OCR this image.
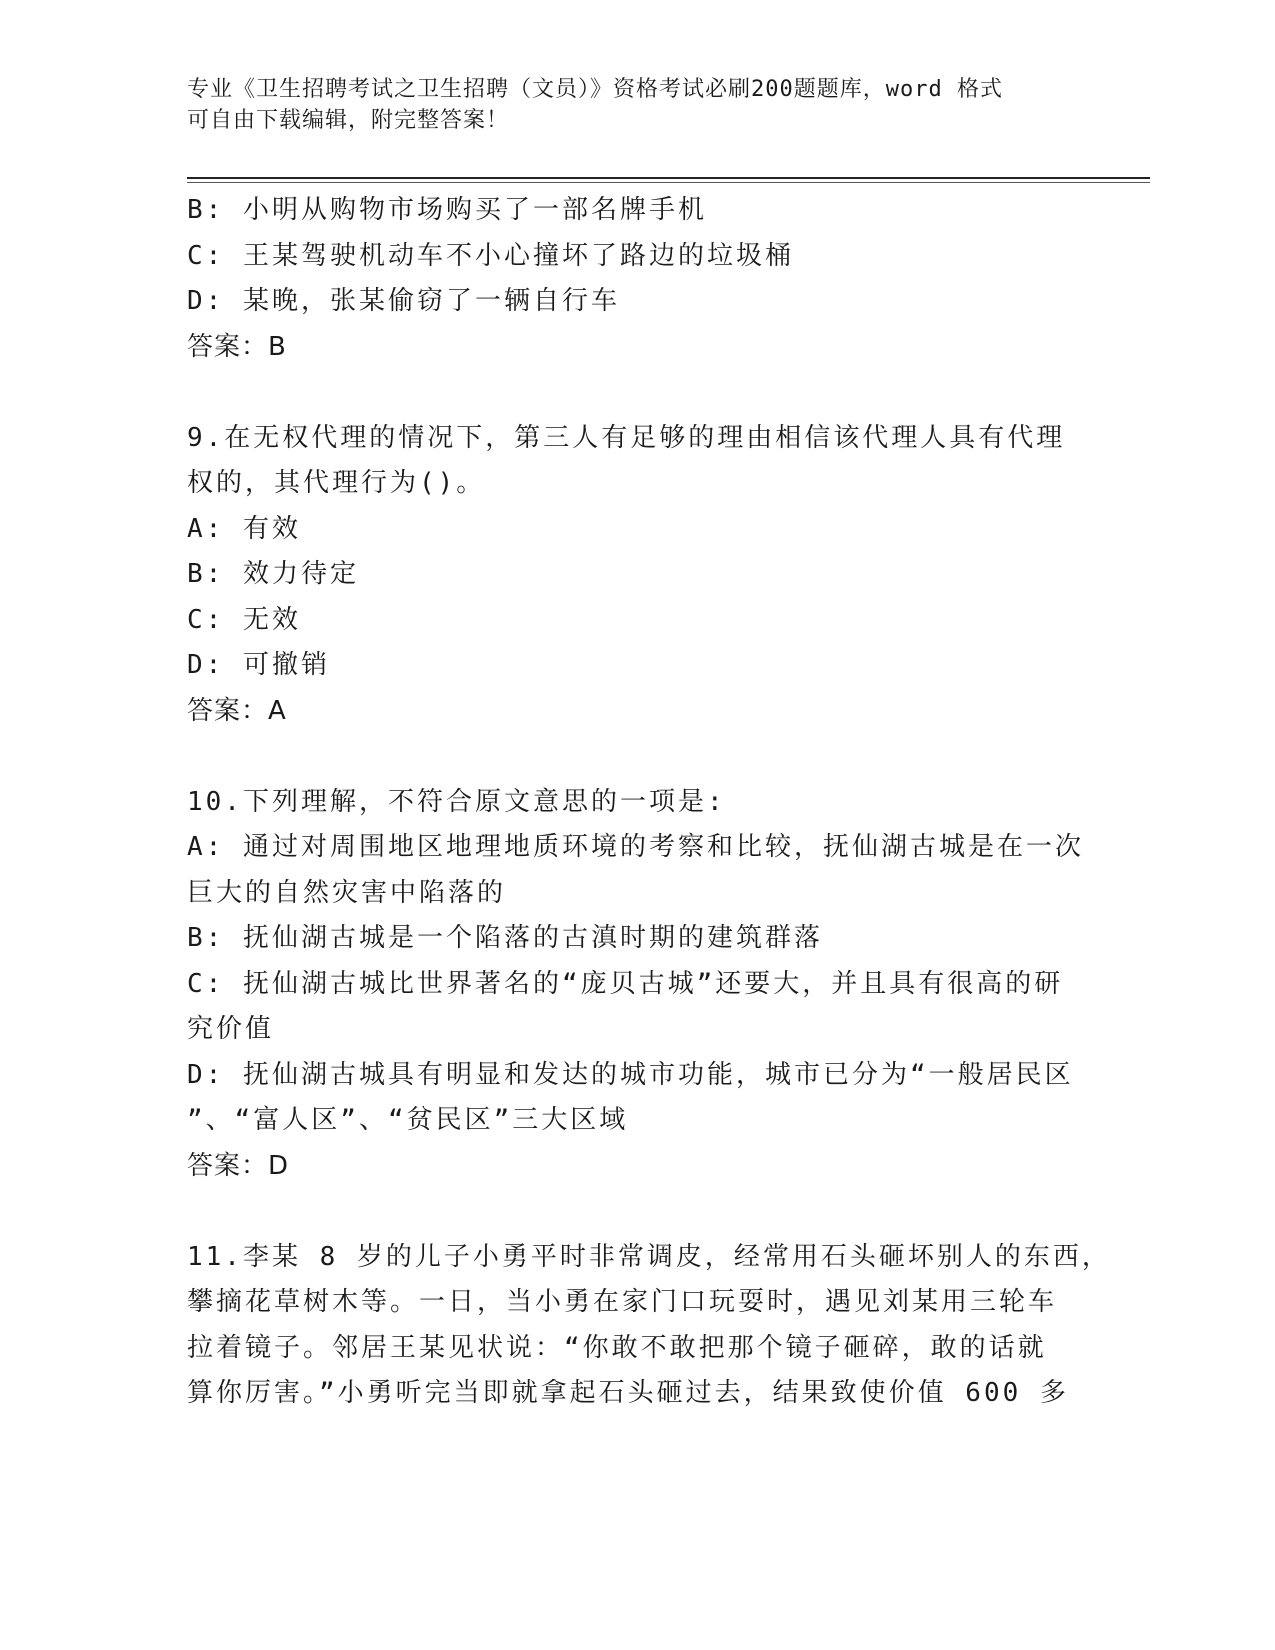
专业《卫生招聘考试之卫生招聘（文员）》资格考试必刷200题题库，word 格式
可自由下载编辑，附完整答案！
B: 小明从购物市场购买了一部名牌手机
C: 王某驾驶机动车不小心撞坏了路边的垃圾桶
D: 某晚，张某偷窃了一辆自行车
答案：B
9.在无权代理的情况下，第三人有足够的理由相信该代理人具有代理
权的，其代理行为()。
A: 有效
B: 效力待定
C: 无效
D: 可撤销
答案：A
10.下列理解，不符合原文意思的一项是:
A: 通过对周围地区地理地质环境的考察和比较，抚仙湖古城是在一次
巨大的自然灾害中陷落的
B: 抚仙湖古城是一个陷落的古滇时期的建筑群落
C: 抚仙湖古城比世界著名的“庞贝古城”还要大，并且具有很高的研
究价值
D: 抚仙湖古城具有明显和发达的城市功能，城市已分为“一般居民区
”、“富人区”、“贫民区”三大区域
答案：D
11.李某 8 岁的儿子小勇平时非常调皮，经常用石头砸坏别人的东西，
攀摘花草树木等。一日，当小勇在家门口玩耍时，遇见刘某用三轮车
拉着镜子。邻居王某见状说：“你敢不敢把那个镜子砸碎，敢的话就
算你厉害。”小勇听完当即就拿起石头砸过去，结果致使价值 600 多
